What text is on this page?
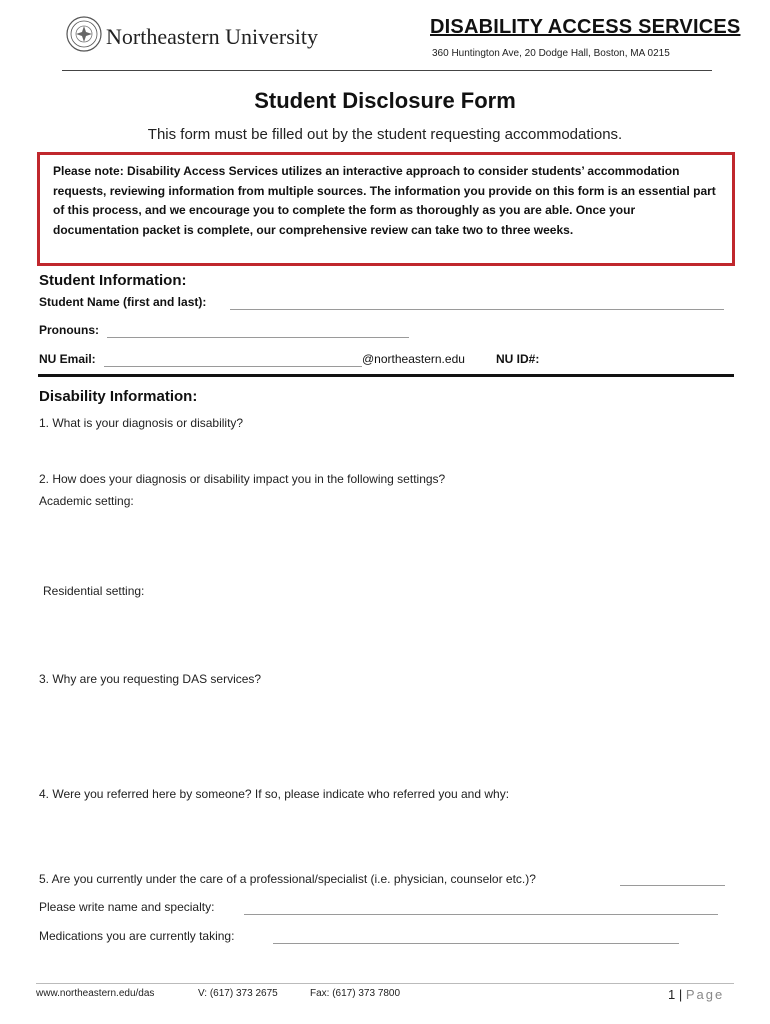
Northeastern University	DISABILITY ACCESS SERVICES
360 Huntington Ave, 20 Dodge Hall, Boston, MA 0215
Student Disclosure Form
This form must be filled out by the student requesting accommodations.
Please note: Disability Access Services utilizes an interactive approach to consider students’ accommodation requests, reviewing information from multiple sources. The information you provide on this form is an essential part of this process, and we encourage you to complete the form as thoroughly as you are able. Once your documentation packet is complete, our comprehensive review can take two to three weeks.
Student Information:
Student Name (first and last):
Pronouns:
NU Email:	@northeastern.edu	NU ID#:
Disability Information:
1. What is your diagnosis or disability?
2. How does your diagnosis or disability impact you in the following settings?
Academic setting:
Residential setting:
3. Why are you requesting DAS services?
4. Were you referred here by someone? If so, please indicate who referred you and why:
5. Are you currently under the care of a professional/specialist (i.e. physician, counselor etc.)?
Please write name and specialty:
Medications you are currently taking:
www.northeastern.edu/das	V: (617) 373 2675	Fax: (617) 373 7800	1 | Page
